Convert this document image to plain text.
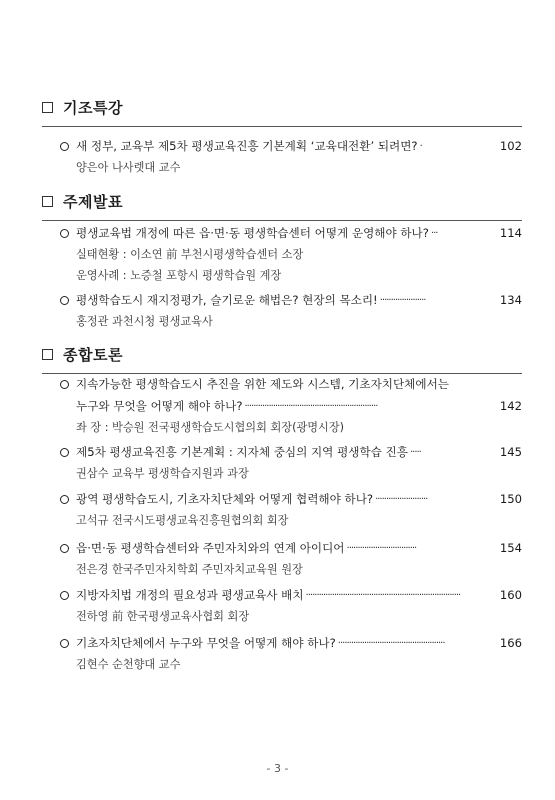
기조특강
새 정부, 교육부 제5차 평생교육진흥 기본계획 ‘교육대전환’ 되려면? ·	102
양은아 나사렛대 교수
주제발표
평생교육법 개정에 따른 읍·면·동 평생학습센터 어떻게 운영해야 하나? ···	114
실태현황 : 이소연 前 부천시평생학습센터 소장
운영사례 : 노증철 포항시 평생학습원 계장
평생학습도시 재지정평가, 슬기로운 해법은? 현장의 목소리! ·····················	134
홍정관 과천시청 평생교육사
종합토론
지속가능한 평생학습도시 추진을 위한 제도와 시스템, 기초자치단체에서는
누구와 무엇을 어떻게 해야 하나? ·····························································	142
좌 장 : 박승원 전국평생학습도시협의회 회장(광명시장)
제5차 평생교육진흥 기본계획 : 지자체 중심의 지역 평생학습 진흥 ·····	145
권삼수 교육부 평생학습지원과 과장
광역 평생학습도시, 기초자치단체와 어떻게 협력해야 하나? ························	150
고석규 전국시도평생교육진흥원협의회 회장
읍·면·동 평생학습센터와 주민자치와의 연계 아이디어 ································	154
전은경 한국주민자치학회 주민자치교육원 원장
지방자치법 개정의 필요성과 평생교육사 배치 ·······································································	160
전하영 前 한국평생교육사협회 회장
기초자치단체에서 누구와 무엇을 어떻게 해야 하나? ·················································	166
김현수 순천향대 교수
- 3 -
